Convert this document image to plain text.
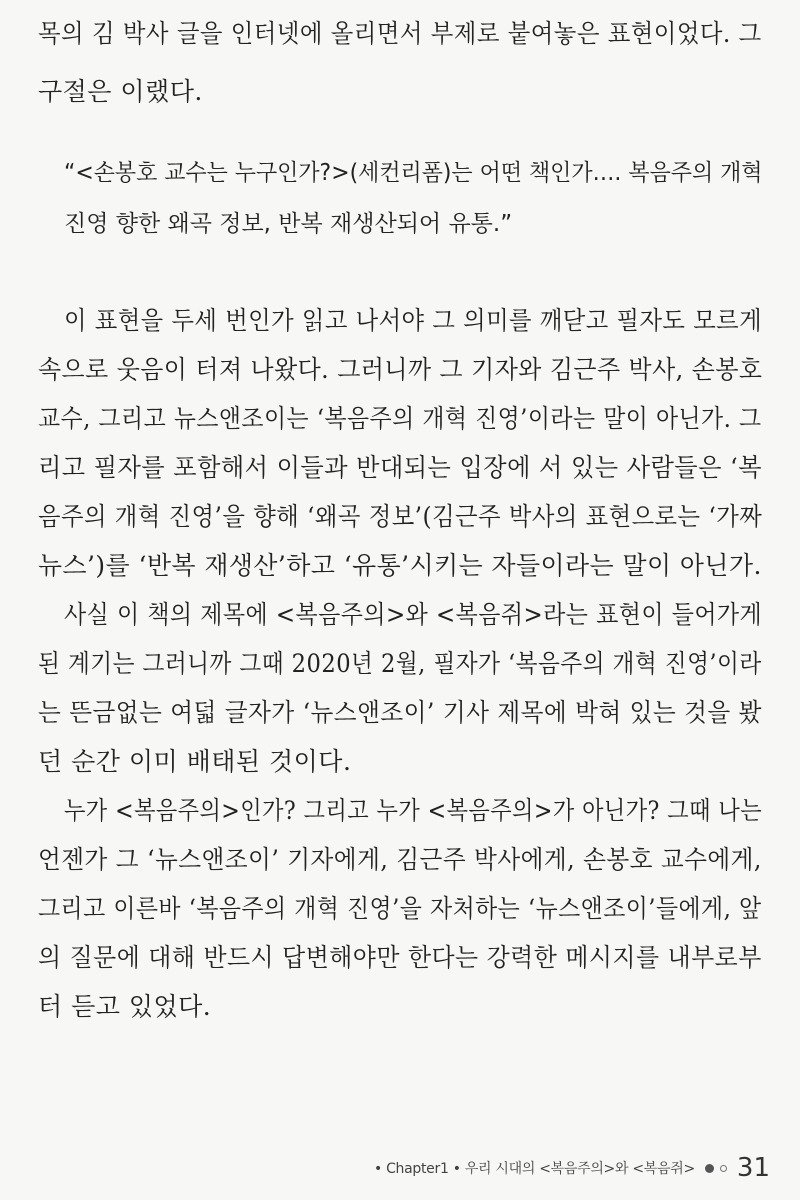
목의 김 박사 글을 인터넷에 올리면서 부제로 붙여놓은 표현이었다. 그
구절은 이랬다.
“<손봉호 교수는 누구인가?>(세컨리폼)는 어떤 책인가…. 복음주의 개혁
진영 향한 왜곡 정보, 반복 재생산되어 유통.”
이 표현을 두세 번인가 읽고 나서야 그 의미를 깨닫고 필자도 모르게
속으로 웃음이 터져 나왔다. 그러니까 그 기자와 김근주 박사, 손봉호
교수, 그리고 뉴스앤조이는 ‘복음주의 개혁 진영’이라는 말이 아닌가. 그
리고 필자를 포함해서 이들과 반대되는 입장에 서 있는 사람들은 ‘복
음주의 개혁 진영’을 향해 ‘왜곡 정보’(김근주 박사의 표현으로는 ‘가짜
뉴스’)를 ‘반복 재생산’하고 ‘유통’시키는 자들이라는 말이 아닌가.
사실 이 책의 제목에 <복음주의>와 <복음쥐>라는 표현이 들어가게
된 계기는 그러니까 그때 2020년 2월, 필자가 ‘복음주의 개혁 진영’이라
는 뜬금없는 여덟 글자가 ‘뉴스앤조이’ 기사 제목에 박혀 있는 것을 봤
던 순간 이미 배태된 것이다.
누가 <복음주의>인가? 그리고 누가 <복음주의>가 아닌가? 그때 나는
언젠가 그 ‘뉴스앤조이’ 기자에게, 김근주 박사에게, 손봉호 교수에게,
그리고 이른바 ‘복음주의 개혁 진영’을 자처하는 ‘뉴스앤조이’들에게, 앞
의 질문에 대해 반드시 답변해야만 한다는 강력한 메시지를 내부로부
터 듣고 있었다.
• Chapter1 • 우리 시대의 <복음주의>와 <복음쥐> 31
